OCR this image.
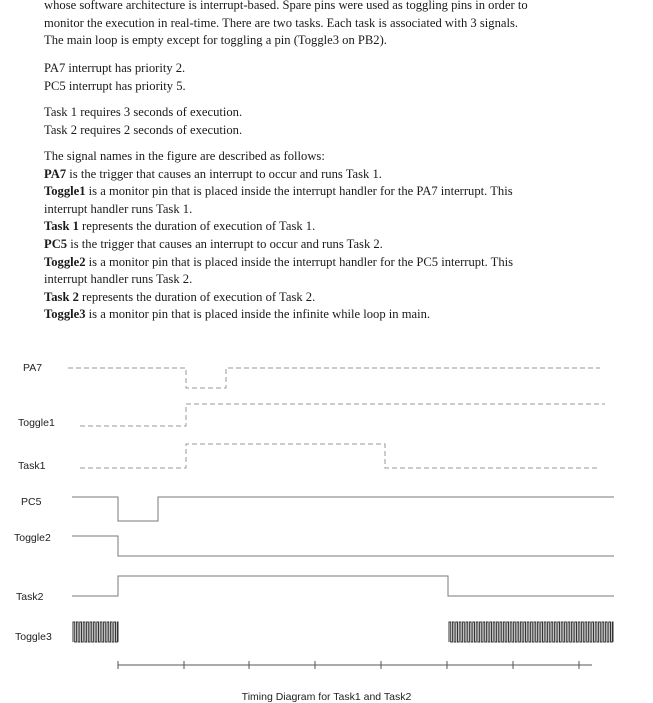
whose software architecture is interrupt-based. Spare pins were used as toggling pins in order to
monitor the execution in real-time. There are two tasks. Each task is associated with 3 signals.
The main loop is empty except for toggling a pin (Toggle3 on PB2).
PA7 interrupt has priority 2.
PC5 interrupt has priority 5.
Task 1 requires 3 seconds of execution.
Task 2 requires 2 seconds of execution.
The signal names in the figure are described as follows:
PA7 is the trigger that causes an interrupt to occur and runs Task 1.
Toggle1 is a monitor pin that is placed inside the interrupt handler for the PA7 interrupt. This
interrupt handler runs Task 1.
Task 1 represents the duration of execution of Task 1.
PC5 is the trigger that causes an interrupt to occur and runs Task 2.
Toggle2 is a monitor pin that is placed inside the interrupt handler for the PC5 interrupt. This
interrupt handler runs Task 2.
Task 2 represents the duration of execution of Task 2.
Toggle3 is a monitor pin that is placed inside the infinite while loop in main.
PA7
Toggle1
Task1
PC5
Toggle2
Task2
Toggle3
Timing Diagram for Task1 and Task2
